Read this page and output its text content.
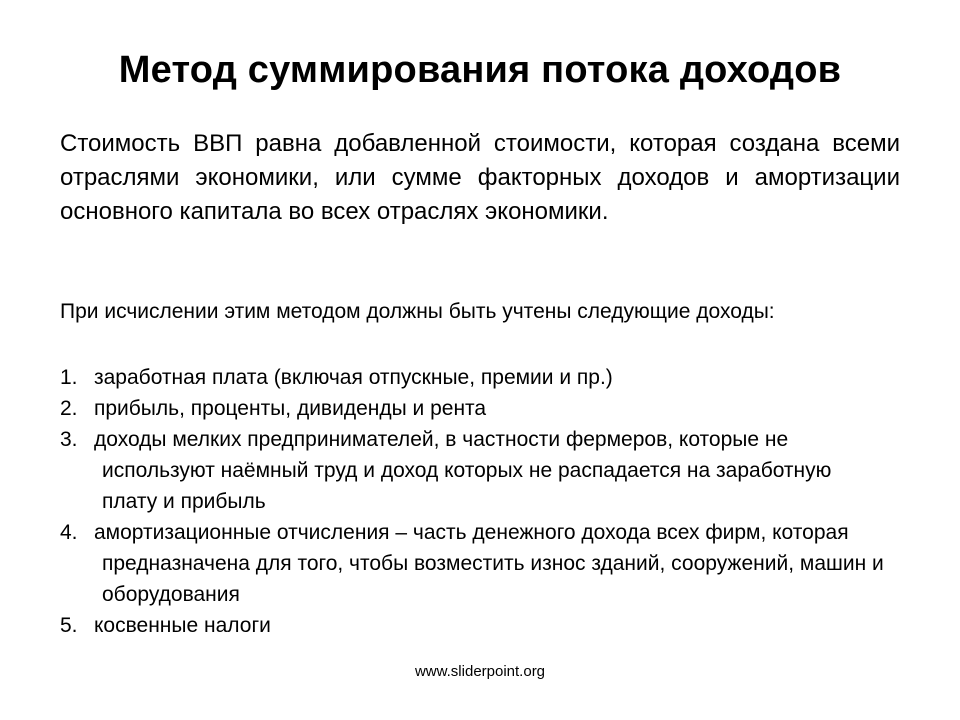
Метод суммирования потока доходов
Стоимость ВВП равна добавленной стоимости, которая создана всеми отраслями экономики, или сумме факторных доходов и амортизации основного капитала во всех отраслях экономики.
При исчислении этим методом должны быть учтены следующие доходы:
1. заработная плата (включая отпускные, премии и пр.)
2. прибыль, проценты, дивиденды и рента
3. доходы мелких предпринимателей, в частности фермеров, которые не используют наёмный труд и доход которых не распадается на заработную плату и прибыль
4. амортизационные отчисления – часть денежного дохода всех фирм, которая предназначена для того, чтобы возместить износ зданий, сооружений, машин и оборудования
5. косвенные налоги
www.sliderpoint.org
